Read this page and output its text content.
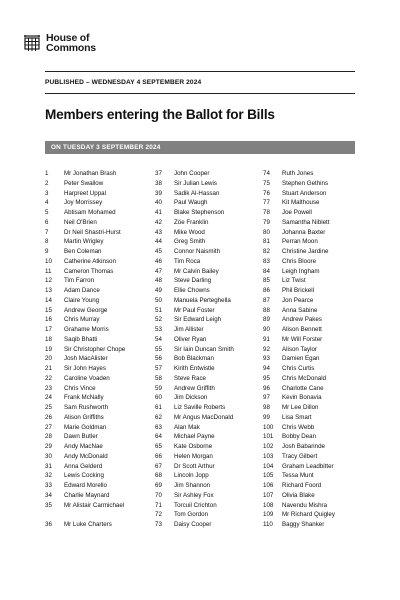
House of
Commons
PUBLISHED – WEDNESDAY 4 SEPTEMBER 2024
Members entering the Ballot for Bills
ON TUESDAY 3 SEPTEMBER 2024
1	Mr Jonathan Brash
2	Peter Swallow
3	Harpreet Uppal
4	Joy Morrissey
5	Abtisam Mohamed
6	Neil O'Brien
7	Dr Neil Shastri-Hurst
8	Martin Wrigley
9	Ben Coleman
10 Catherine Atkinson
11 Cameron Thomas
12 Tim Farron
13 Adam Dance
14 Claire Young
15 Andrew George
16 Chris Murray
17 Grahame Morris
18 Saqib Bhatti
19 Sir Christopher Chope
20 Josh MacAlister
21 Sir John Hayes
22 Caroline Voaden
23 Chris Vince
24 Frank McNally
25 Sam Rushworth
26 Alison Griffiths
27 Marie Goldman
28 Dawn Butler
29 Andy MacNae
30 Andy McDonald
31 Anna Gelderd
32 Lewis Cocking
33 Edward Morello
34 Charlie Maynard
35 Mr Alistair Carmichael
36 Mr Luke Charters
37 John Cooper
38 Sir Julian Lewis
39 Sadik Al-Hassan
40 Paul Waugh
41 Blake Stephenson
42 Zöe Franklin
43 Mike Wood
44 Greg Smith
45 Connor Naismith
46 Tim Roca
47 Mr Calvin Bailey
48 Steve Darling
49 Ellie Chowns
50 Manuela Perteghella
51 Mr Paul Foster
52 Sir Edward Leigh
53 Jim Allister
54 Oliver Ryan
55 Sir Iain Duncan Smith
56 Bob Blackman
57 Kirith Entwistle
58 Steve Race
59 Andrew Griffith
60 Jim Dickson
61 Liz Saville Roberts
62 Mr Angus MacDonald
63 Alan Mak
64 Michael Payne
65 Kate Osborne
66 Helen Morgan
67 Dr Scott Arthur
68 Lincoln Jopp
69 Jim Shannon
70 Sir Ashley Fox
71 Torcuil Crichton
72 Tom Gordon
73 Daisy Cooper
74 Ruth Jones
75 Stephen Gethins
76 Stuart Anderson
77 Kit Malthouse
78 Joe Powell
79 Samantha Niblett
80 Johanna Baxter
81 Perran Moon
82 Christine Jardine
83 Chris Bloore
84 Leigh Ingham
85 Liz Twist
86 Phil Brickell
87 Jon Pearce
88 Anna Sabine
89 Andrew Pakes
90 Alison Bennett
91 Mr Will Forster
92 Alison Taylor
93 Damien Egan
94 Chris Curtis
95 Chris McDonald
96 Charlotte Cane
97 Kevin Bonavia
98 Mr Lee Dillon
99 Lisa Smart
100 Chris Webb
101 Bobby Dean
102 Josh Babarinde
103 Tracy Gilbert
104 Graham Leadbitter
105 Tessa Munt
106 Richard Foord
107 Olivia Blake
108 Navendu Mishra
109 Mr Richard Quigley
110 Baggy Shanker
